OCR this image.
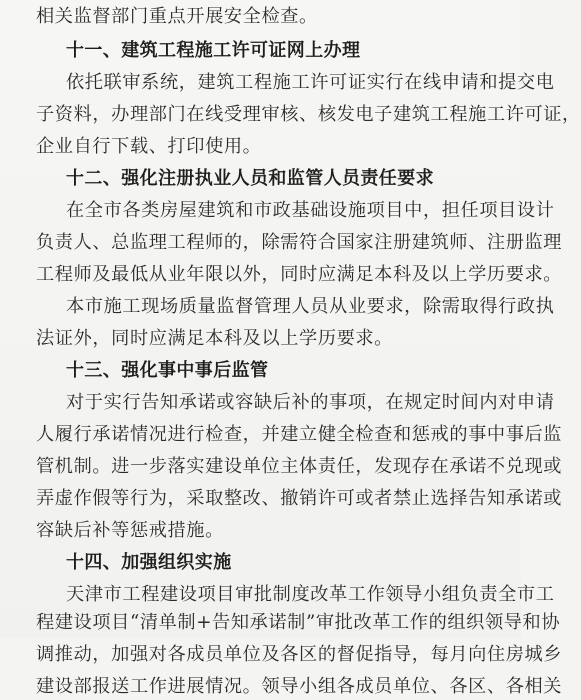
相关监督部门重点开展安全检查。
十一、建筑工程施工许可证网上办理
依托联审系统，建筑工程施工许可证实行在线申请和提交电
子资料，办理部门在线受理审核、核发电子建筑工程施工许可证，
企业自行下载、打印使用。
十二、强化注册执业人员和监管人员责任要求
在全市各类房屋建筑和市政基础设施项目中，担任项目设计
负责人、总监理工程师的，除需符合国家注册建筑师、注册监理
工程师及最低从业年限以外，同时应满足本科及以上学历要求。
本市施工现场质量监督管理人员从业要求，除需取得行政执
法证外，同时应满足本科及以上学历要求。
十三、强化事中事后监管
对于实行告知承诺或容缺后补的事项，在规定时间内对申请
人履行承诺情况进行检查，并建立健全检查和惩戒的事中事后监
管机制。进一步落实建设单位主体责任，发现存在承诺不兑现或
弄虚作假等行为，采取整改、撤销许可或者禁止选择告知承诺或
容缺后补等惩戒措施。
十四、加强组织实施
天津市工程建设项目审批制度改革工作领导小组负责全市工
程建设项目“清单制+告知承诺制”审批改革工作的组织领导和协
调推动，加强对各成员单位及各区的督促指导，每月向住房城乡
建设部报送工作进展情况。领导小组各成员单位、各区、各相关
